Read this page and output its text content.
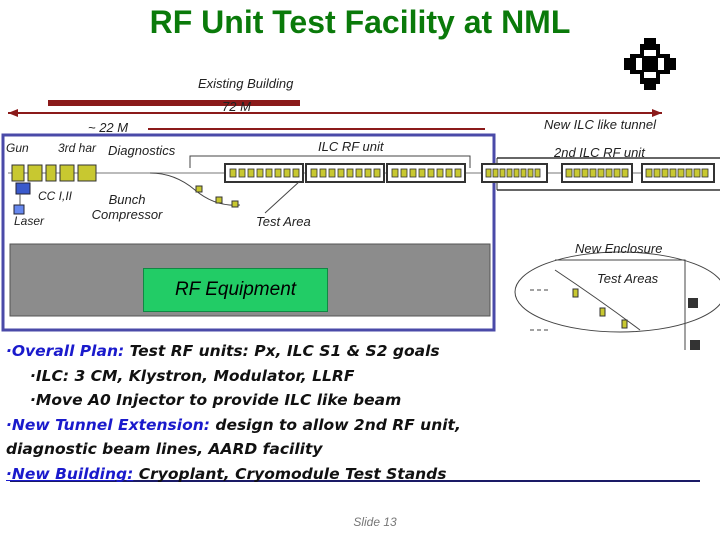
RF Unit Test Facility at NML
Existing Building
72 M
~ 22 M	New ILC like tunnel
Gun 3rd har Diagnostics	ILC RF unit	2nd ILC RF unit
CC I,II
Laser
Bunch
Compressor	Test Area
New Enclosure
Test Areas
RF Equipment
·Overall Plan: Test RF units: Px, ILC S1 & S2 goals
·ILC: 3 CM, Klystron, Modulator, LLRF
·Move A0 Injector to provide ILC like beam
·New Tunnel Extension: design to allow 2nd RF unit,
diagnostic beam lines, AARD facility
·New Building: Cryoplant, Cryomodule Test Stands
Slide 13
